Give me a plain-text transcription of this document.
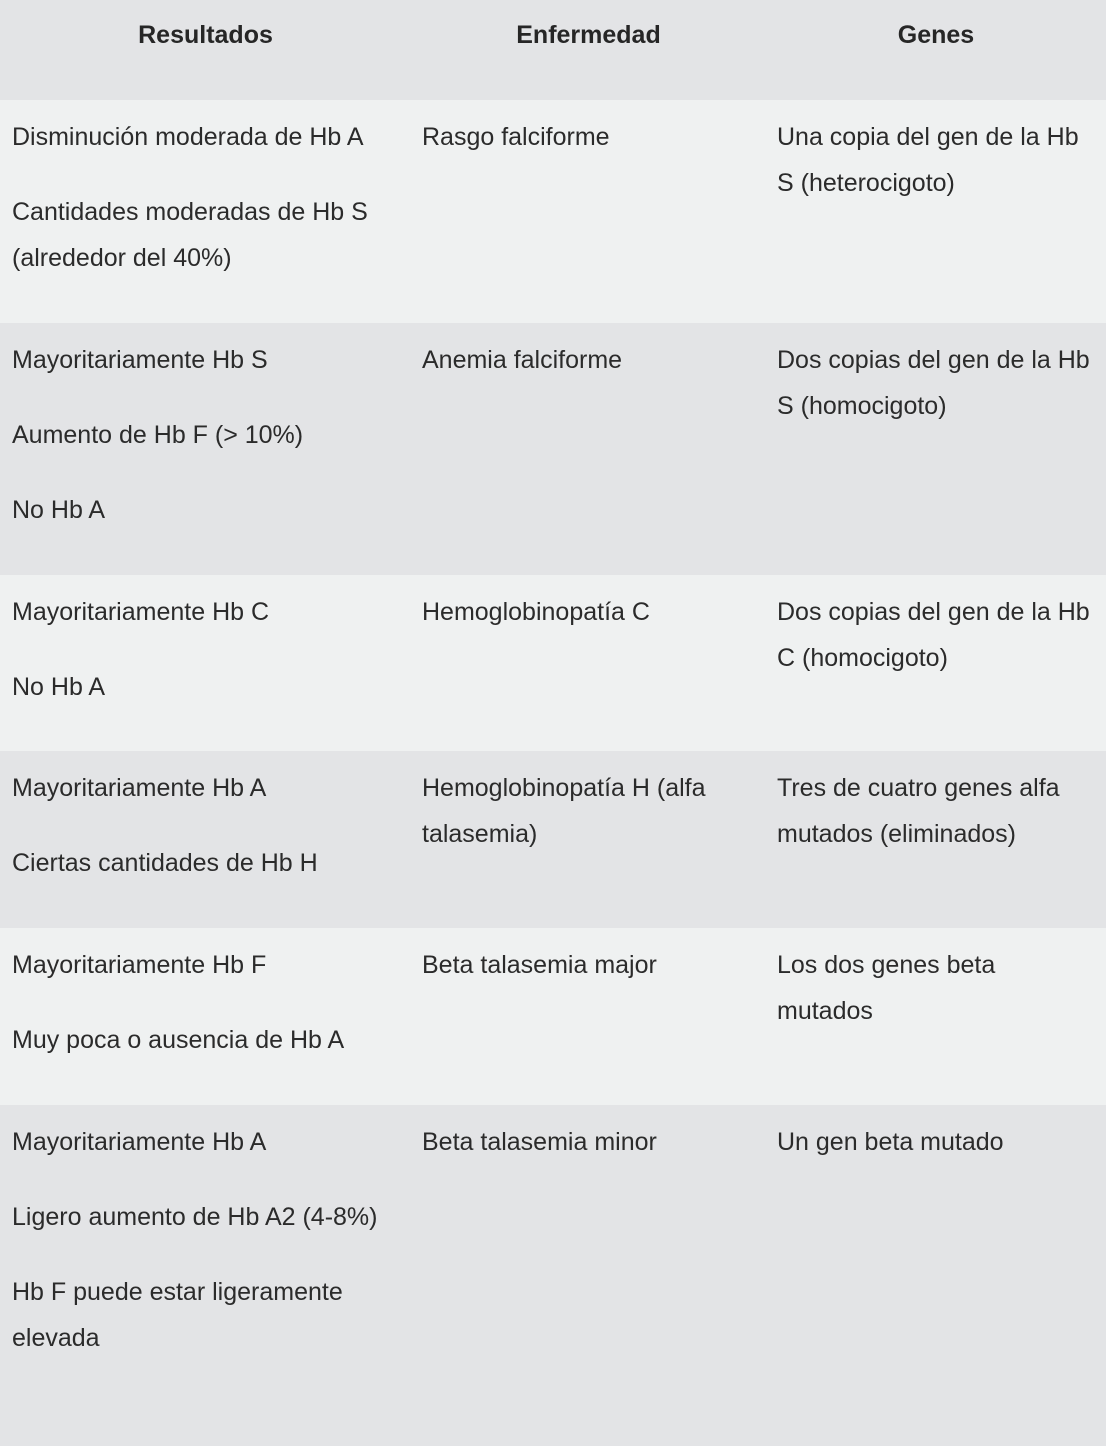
Resultados	Enfermedad	Genes

Disminución moderada de Hb A
Cantidades moderadas de Hb S (alrededor del 40%)	Rasgo falciforme	Una copia del gen de la Hb S (heterocigoto)

Mayoritariamente Hb S
Aumento de Hb F (> 10%)
No Hb A	Anemia falciforme	Dos copias del gen de la Hb S (homocigoto)

Mayoritariamente Hb C
No Hb A	Hemoglobinopatía C	Dos copias del gen de la Hb C (homocigoto)

Mayoritariamente Hb A
Ciertas cantidades de Hb H	Hemoglobinopatía H (alfa talasemia)	Tres de cuatro genes alfa mutados (eliminados)

Mayoritariamente Hb F
Muy poca o ausencia de Hb A	Beta talasemia major	Los dos genes beta mutados

Mayoritariamente Hb A
Ligero aumento de Hb A2 (4-8%)
Hb F puede estar ligeramente elevada	Beta talasemia minor	Un gen beta mutado
